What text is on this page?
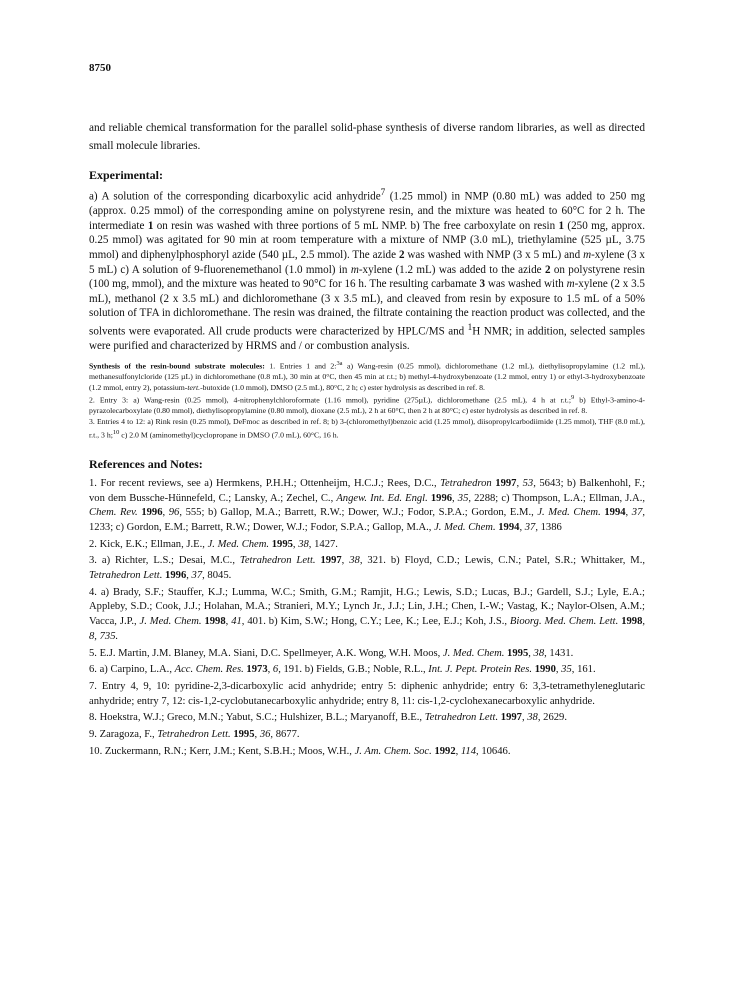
8750

and reliable chemical transformation for the parallel solid-phase synthesis of diverse random libraries, as well as directed small molecule libraries.

Experimental:

a) A solution of the corresponding dicarboxylic acid anhydride$^7$ (1.25 mmol) in NMP (0.80 mL) was added to 250 mg (approx. 0.25 mmol) of the corresponding amine on polystyrene resin, and the mixture was heated to 60°C for 2 h. The intermediate 1 on resin was washed with three portions of 5 mL NMP. b) The free carboxylate on resin 1 (250 mg, approx. 0.25 mmol) was agitated for 90 min at room temperature with a mixture of NMP (3.0 mL), triethylamine (525 µL, 3.75 mmol) and diphenylphosphoryl azide (540 µL, 2.5 mmol). The azide 2 was washed with NMP (3 x 5 mL) and m-xylene (3 x 5 mL) c) A solution of 9-fluorenemethanol (1.0 mmol) in m-xylene (1.2 mL) was added to the azide 2 on polystyrene resin (100 mg, mmol), and the mixture was heated to 90°C for 16 h. The resulting carbamate 3 was washed with m-xylene (2 x 3.5 mL), methanol (2 x 3.5 mL) and dichloromethane (3 x 3.5 mL), and cleaved from resin by exposure to 1.5 mL of a 50% solution of TFA in dichloromethane. The resin was drained, the filtrate containing the reaction product was collected, and the solvents were evaporated. All crude products were characterized by HPLC/MS and $^1$H NMR; in addition, selected samples were purified and characterized by HRMS and / or combustion analysis.

Synthesis of the resin-bound substrate molecules: 1. Entries 1 and 2:$^{3a}$ a) Wang-resin (0.25 mmol), dichloromethane (1.2 mL), diethylisopropylamine (1.2 mL), methanesulfonylcloride (125 µL) in dichloromethane (0.8 mL), 30 min at 0°C, then 45 min at r.t.; b) methyl-4-hydroxybenzoate (1.2 mmol, entry 1) or ethyl-3-hydroxybenzoate (1.2 mmol, entry 2), potassium-tert.-butoxide (1.0 mmol), DMSO (2.5 mL), 80°C, 2 h; c) ester hydrolysis as described in ref. 8.

2. Entry 3: a) Wang-resin (0.25 mmol), 4-nitrophenylchloroformate (1.16 mmol), pyridine (275µL), dichloromethane (2.5 mL), 4 h at r.t.;$^9$ b) Ethyl-3-amino-4-pyrazolecarboxylate (0.80 mmol), diethylisopropylamine (0.80 mmol), dioxane (2.5 mL), 2 h at 60°C, then 2 h at 80°C; c) ester hydrolysis as described in ref. 8.

3. Entries 4 to 12: a) Rink resin (0.25 mmol), DeFmoc as described in ref. 8; b) 3-(chloromethyl)benzoic acid (1.25 mmol), diisopropylcarbodiimide (1.25 mmol), THF (8.0 mL), r.t., 3 h;$^{10}$ c) 2.0 M (aminomethyl)cyclopropane in DMSO (7.0 mL), 60°C, 16 h.

References and Notes:

1. For recent reviews, see a) Hermkens, P.H.H.; Ottenheijm, H.C.J.; Rees, D.C., Tetrahedron 1997, 53, 5643; b) Balkenhohl, F.; von dem Bussche-Hünnefeld, C.; Lansky, A.; Zechel, C., Angew. Int. Ed. Engl. 1996, 35, 2288; c) Thompson, L.A.; Ellman, J.A., Chem. Rev. 1996, 96, 555; b) Gallop, M.A.; Barrett, R.W.; Dower, W.J.; Fodor, S.P.A.; Gordon, E.M., J. Med. Chem. 1994, 37, 1233; c) Gordon, E.M.; Barrett, R.W.; Dower, W.J.; Fodor, S.P.A.; Gallop, M.A., J. Med. Chem. 1994, 37, 1386

2. Kick, E.K.; Ellman, J.E., J. Med. Chem. 1995, 38, 1427.

3. a) Richter, L.S.; Desai, M.C., Tetrahedron Lett. 1997, 38, 321. b) Floyd, C.D.; Lewis, C.N.; Patel, S.R.; Whittaker, M., Tetrahedron Lett. 1996, 37, 8045.

4. a) Brady, S.F.; Stauffer, K.J.; Lumma, W.C.; Smith, G.M.; Ramjit, H.G.; Lewis, S.D.; Lucas, B.J.; Gardell, S.J.; Lyle, E.A.; Appleby, S.D.; Cook, J.J.; Holahan, M.A.; Stranieri, M.Y.; Lynch Jr., J.J.; Lin, J.H.; Chen, I.-W.; Vastag, K.; Naylor-Olsen, A.M.; Vacca, J.P., J. Med. Chem. 1998, 41, 401. b) Kim, S.W.; Hong, C.Y.; Lee, K.; Lee, E.J.; Koh, J.S., Bioorg. Med. Chem. Lett. 1998, 8, 735.

5. E.J. Martin, J.M. Blaney, M.A. Siani, D.C. Spellmeyer, A.K. Wong, W.H. Moos, J. Med. Chem. 1995, 38, 1431.

6. a) Carpino, L.A., Acc. Chem. Res. 1973, 6, 191. b) Fields, G.B.; Noble, R.L., Int. J. Pept. Protein Res. 1990, 35, 161.

7. Entry 4, 9, 10: pyridine-2,3-dicarboxylic acid anhydride; entry 5: diphenic anhydride; entry 6: 3,3-tetramethyleneglutaric anhydride; entry 7, 12: cis-1,2-cyclobutanecarboxylic anhydride; entry 8, 11: cis-1,2-cyclohexanecarboxylic anhydride.

8. Hoekstra, W.J.; Greco, M.N.; Yabut, S.C.; Hulshizer, B.L.; Maryanoff, B.E., Tetrahedron Lett. 1997, 38, 2629.

9. Zaragoza, F., Tetrahedron Lett. 1995, 36, 8677.

10. Zuckermann, R.N.; Kerr, J.M.; Kent, S.B.H.; Moos, W.H., J. Am. Chem. Soc. 1992, 114, 10646.
